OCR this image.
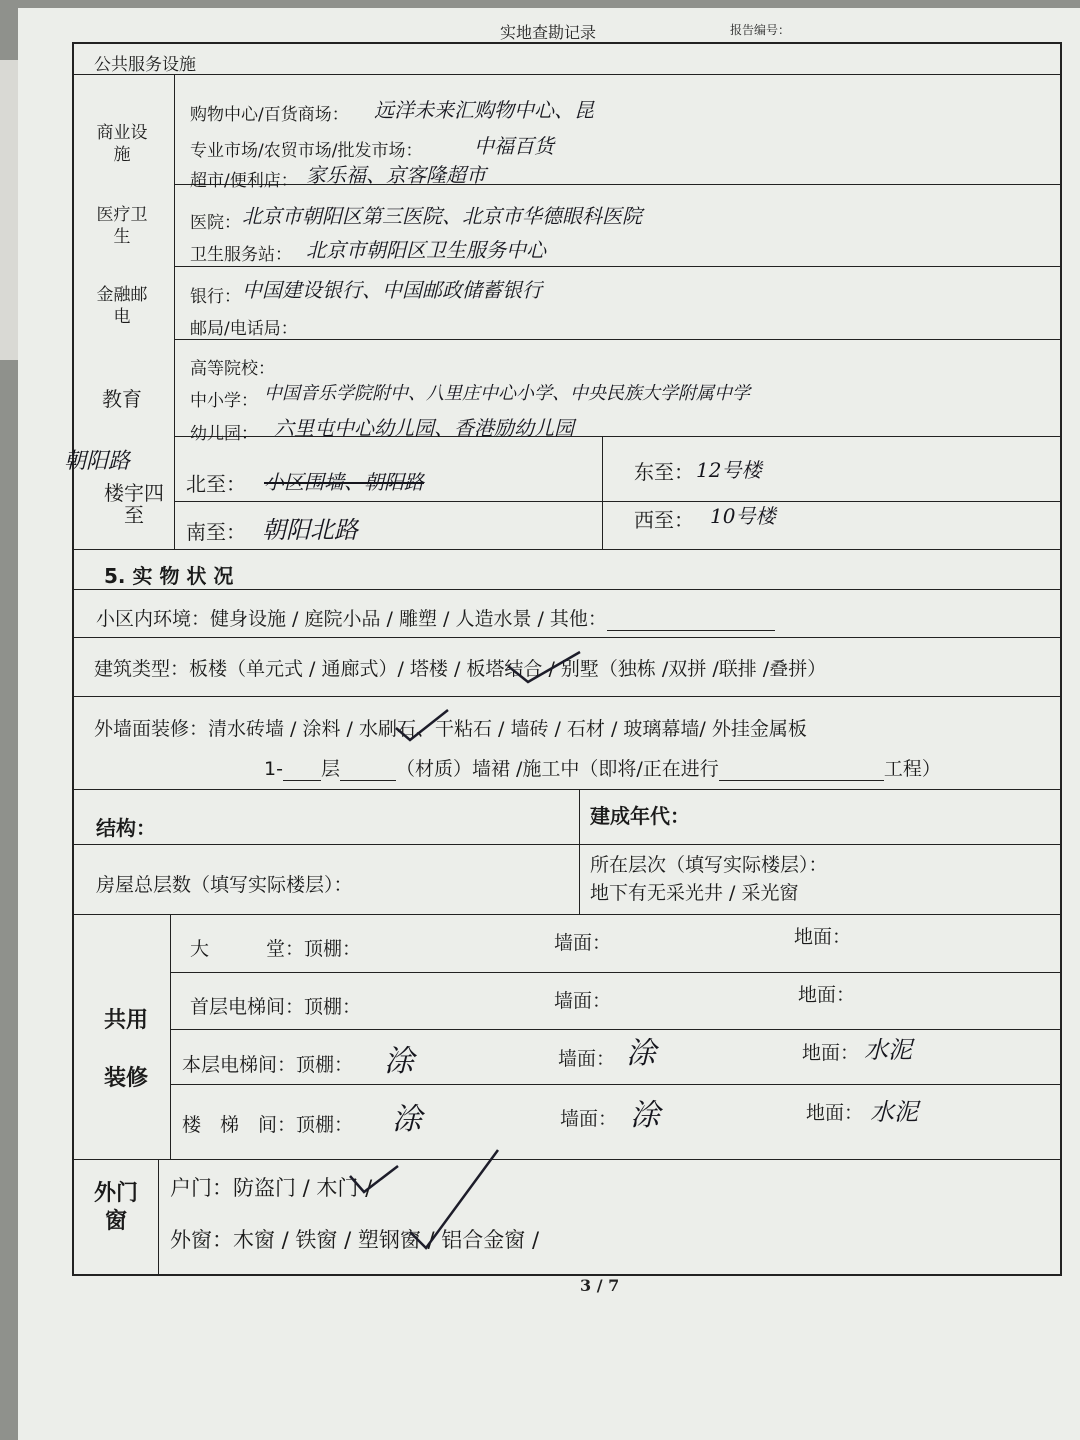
实地查勘记录	报告编号：
公共服务设施
商业设施
购物中心/百货商场： 远洋未来汇购物中心、昆
专业市场/农贸市场/批发市场：	中福百货
超市/便利店： 家乐福、京客隆超市
医疗卫生
医院： 北京市朝阳区第三医院、北京市华德眼科医院
卫生服务站： 北京市朝阳区卫生服务中心
金融邮电
银行： 中国建设银行、中国邮政储蓄银行
邮局/电话局：
教育
高等院校：
中小学： 中国音乐学院附中、八里庄中心小学、中央民族大学附属中学
幼儿园： 六里屯中心幼儿园、香港励幼儿园
朝阳路
楼宇四至
北至： 小区围墙、朝阳路	东至： 12号楼
南至： 朝阳北路	西至： 10号楼
5. 实 物 状 况
小区内环境：健身设施 / 庭院小品 / 雕塑 / 人造水景 / 其他：
建筑类型：板楼（单元式 / 通廊式）/ 塔楼 / 板塔结合 / 别墅（独栋 /双拼 /联排 /叠拼）
外墙面装修：清水砖墙 / 涂料 / 水刷石、干粘石 / 墙砖 / 石材 / 玻璃幕墙/ 外挂金属板
1- 层	（材质）墙裙 /施工中（即将/正在进行	工程）
结构：	建成年代：
房屋总层数（填写实际楼层）：
所在层次（填写实际楼层）：
地下有无采光井 / 采光窗
共用装修
大　　　堂：顶棚：	墙面：	地面：
首层电梯间：顶棚：	墙面：	地面：
本层电梯间：顶棚： 涂	墙面： 涂	地面： 水泥
楼　梯　间：顶棚： 涂	墙面： 涂	地面： 水泥
外门窗
户门：防盗门 / 木门 /
外窗：木窗 / 铁窗 / 塑钢窗 / 铝合金窗 /
3 / 7
